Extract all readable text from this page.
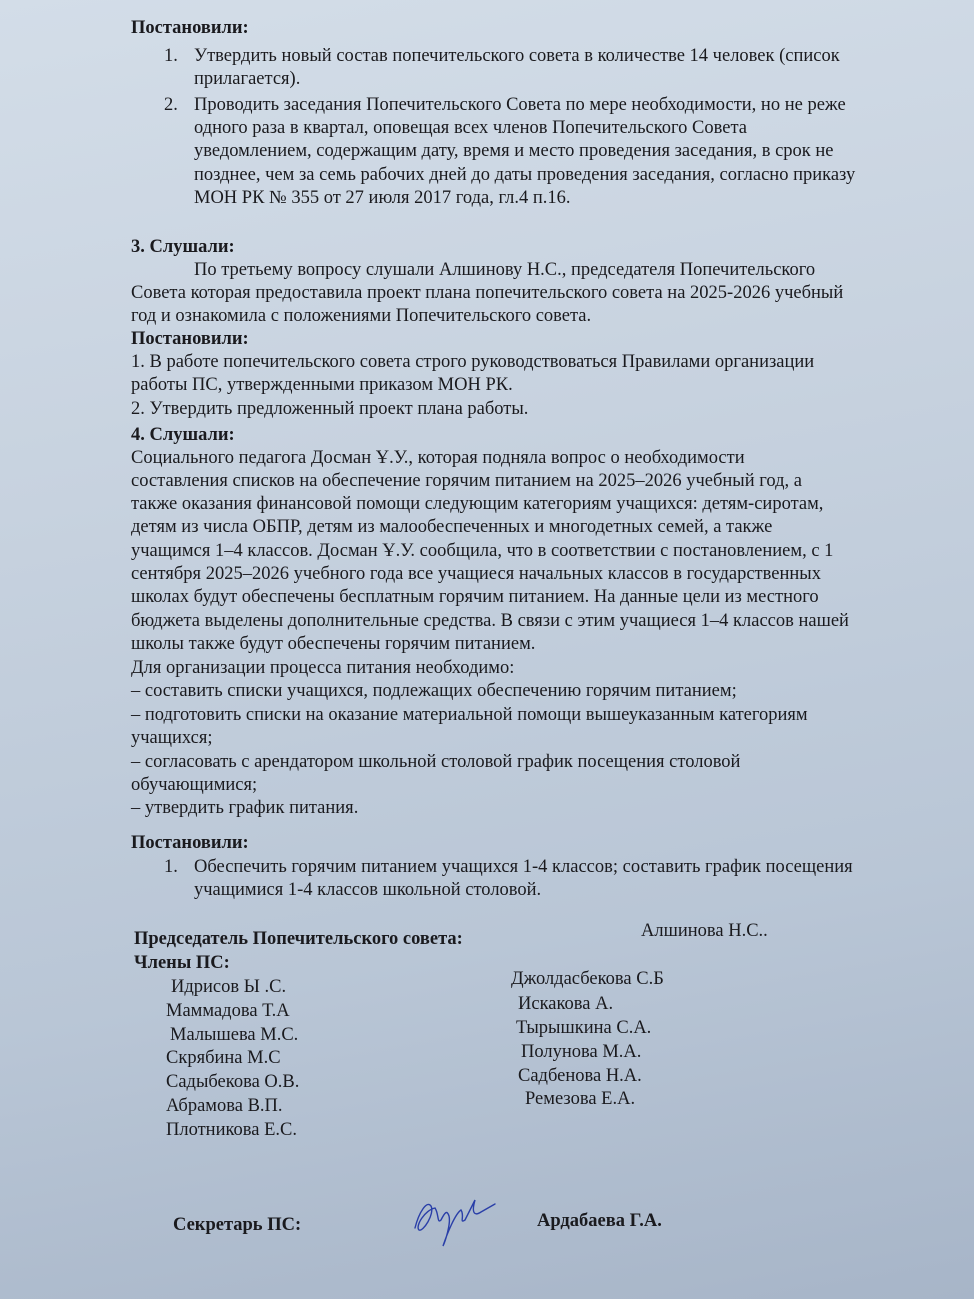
Постановили:
1. Утвердить новый состав попечительского совета в количестве 14 человек (список
прилагается).
2. Проводить заседания Попечительского Совета по мере необходимости, но не реже
одного раза в квартал, оповещая всех членов Попечительского Совета
уведомлением, содержащим дату, время и место проведения заседания, в срок не
позднее, чем за семь рабочих дней до даты проведения заседания, согласно приказу
МОН РК № 355 от 27 июля 2017 года, гл.4 п.16.
3. Слушали:
По третьему вопросу слушали Алшинову Н.С., председателя Попечительского
Совета которая предоставила проект плана попечительского совета на 2025-2026 учебный
год и ознакомила с положениями Попечительского совета.
Постановили:
1. В работе попечительского совета строго руководствоваться Правилами организации
работы ПС, утвержденными приказом МОН РК.
2. Утвердить предложенный проект плана работы.
4. Слушали:
Социального педагога Досман Ұ.У., которая подняла вопрос о необходимости
составления списков на обеспечение горячим питанием на 2025–2026 учебный год, а
также оказания финансовой помощи следующим категориям учащихся: детям-сиротам,
детям из числа ОБПР, детям из малообеспеченных и многодетных семей, а также
учащимся 1–4 классов. Досман Ұ.У. сообщила, что в соответствии с постановлением, с 1
сентября 2025–2026 учебного года все учащиеся начальных классов в государственных
школах будут обеспечены бесплатным горячим питанием. На данные цели из местного
бюджета выделены дополнительные средства. В связи с этим учащиеся 1–4 классов нашей
школы также будут обеспечены горячим питанием.
Для организации процесса питания необходимо:
– составить списки учащихся, подлежащих обеспечению горячим питанием;
– подготовить списки на оказание материальной помощи вышеуказанным категориям
учащихся;
– согласовать с арендатором школьной столовой график посещения столовой
обучающимися;
– утвердить график питания.
Постановили:
1. Обеспечить горячим питанием учащихся 1-4 классов; составить график посещения
учащимися 1-4 классов школьной столовой.
Председатель Попечительского совета:	Алшинова Н.С..
Члены ПС:
Идрисов Ы .С.
Маммадова Т.А
Малышева М.С.
Скрябина М.С
Садыбекова О.В.
Абрамова В.П.
Плотникова Е.С.
Джолдасбекова С.Б
Искакова А.
Тырышкина С.А.
Полунова М.А.
Садбенова Н.А.
Ремезова Е.А.
Секретарь ПС:	Ардабаева Г.А.
